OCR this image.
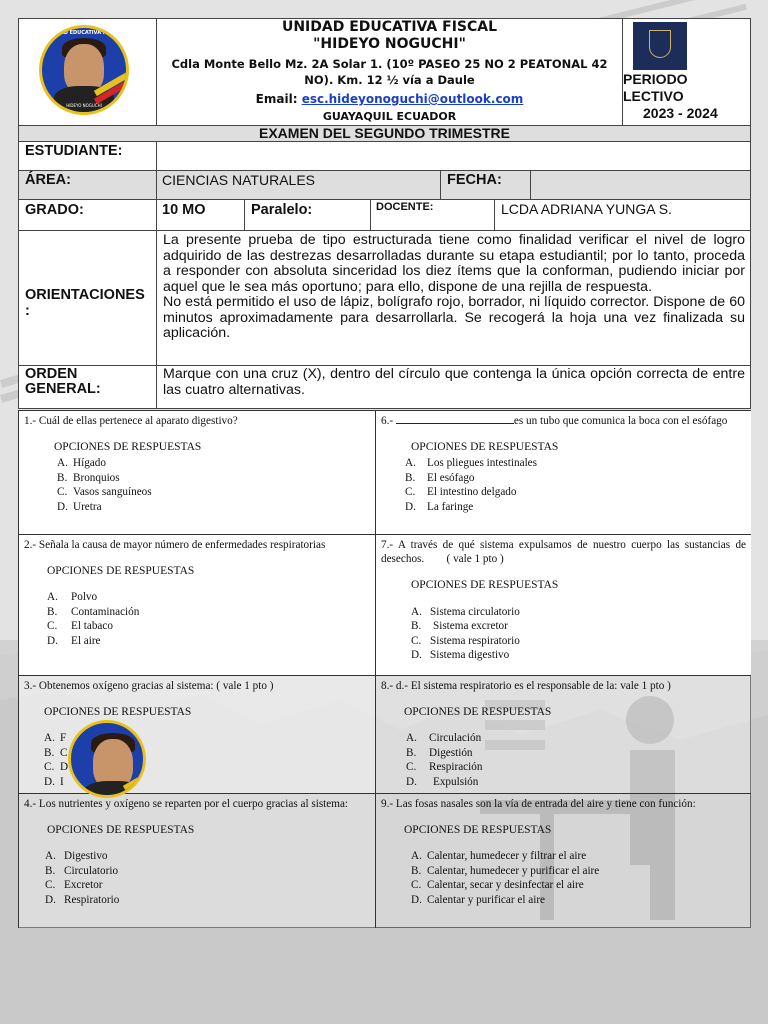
UNIDAD EDUCATIVA FISCAL
HIDEYO NOGUCHI
UNIDAD EDUCATIVA FISCAL
"HIDEYO NOGUCHI"
Cdla Monte Bello Mz. 2A Solar 1. (10º PASEO 25 NO 2 PEATONAL 42 NO). Km. 12 ½ vía a Daule
Email: esc.hideyonoguchi@outlook.com
GUAYAQUIL ECUADOR
PERIODO
LECTIVO
2023 - 2024
EXAMEN DEL SEGUNDO TRIMESTRE
ESTUDIANTE:
ÁREA:	CIENCIAS NATURALES	FECHA:
GRADO:	10 MO	Paralelo:	DOCENTE:	LCDA ADRIANA YUNGA S.
ORIENTACIONES :
La presente prueba de tipo estructurada tiene como finalidad verificar el nivel de logro adquirido de las destrezas desarrolladas durante su etapa estudiantil; por lo tanto, proceda a responder con absoluta sinceridad los diez ítems que la conforman, pudiendo iniciar por aquel que le sea más oportuno; para ello, dispone de una rejilla de respuesta.
No está permitido el uso de lápiz, bolígrafo rojo, borrador, ni líquido corrector. Dispone de 60 minutos aproximadamente para desarrollarla. Se recogerá la hoja una vez finalizada su aplicación.
ORDEN GENERAL:
Marque con una cruz (X), dentro del círculo que contenga la única opción correcta de entre las cuatro alternativas.
1.- Cuál de ellas pertenece al aparato digestivo?
OPCIONES DE RESPUESTAS
A. Hígado
B. Bronquios
C. Vasos sanguíneos
D. Uretra
6.-	es un tubo que comunica la boca con el esófago
OPCIONES DE RESPUESTAS
A. Los pliegues intestinales
B. El esófago
C. El intestino delgado
D. La faringe
2.- Señala la causa de mayor número de enfermedades respiratorias
OPCIONES DE RESPUESTAS
A. Polvo
B. Contaminación
C. El tabaco
D. El aire
7.- A través de qué sistema expulsamos de nuestro cuerpo las sustancias de desechos.        ( vale 1 pto )
OPCIONES DE RESPUESTAS
A. Sistema circulatorio
B. Sistema excretor
C. Sistema respiratorio
D. Sistema digestivo
3.- Obtenemos oxígeno gracias al sistema: ( vale 1 pto )
OPCIONES DE RESPUESTAS
A. F
B. C
C. D
D. I
8.- d.- El sistema respiratorio es el responsable de la: vale 1 pto )
OPCIONES DE RESPUESTAS
A. Circulación
B. Digestión
C. Respiración
D. Expulsión
4.- Los nutrientes y oxígeno se reparten por el cuerpo gracias al sistema:
OPCIONES DE RESPUESTAS
A. Digestivo
B. Circulatorio
C. Excretor
D. Respiratorio
9.- Las fosas nasales son la vía de entrada del aire y tiene con función:
OPCIONES DE RESPUESTAS
A. Calentar, humedecer y filtrar el aire
B. Calentar, humedecer y purificar el aire
C. Calentar, secar y desinfectar el aire
D. Calentar y purificar el aire
